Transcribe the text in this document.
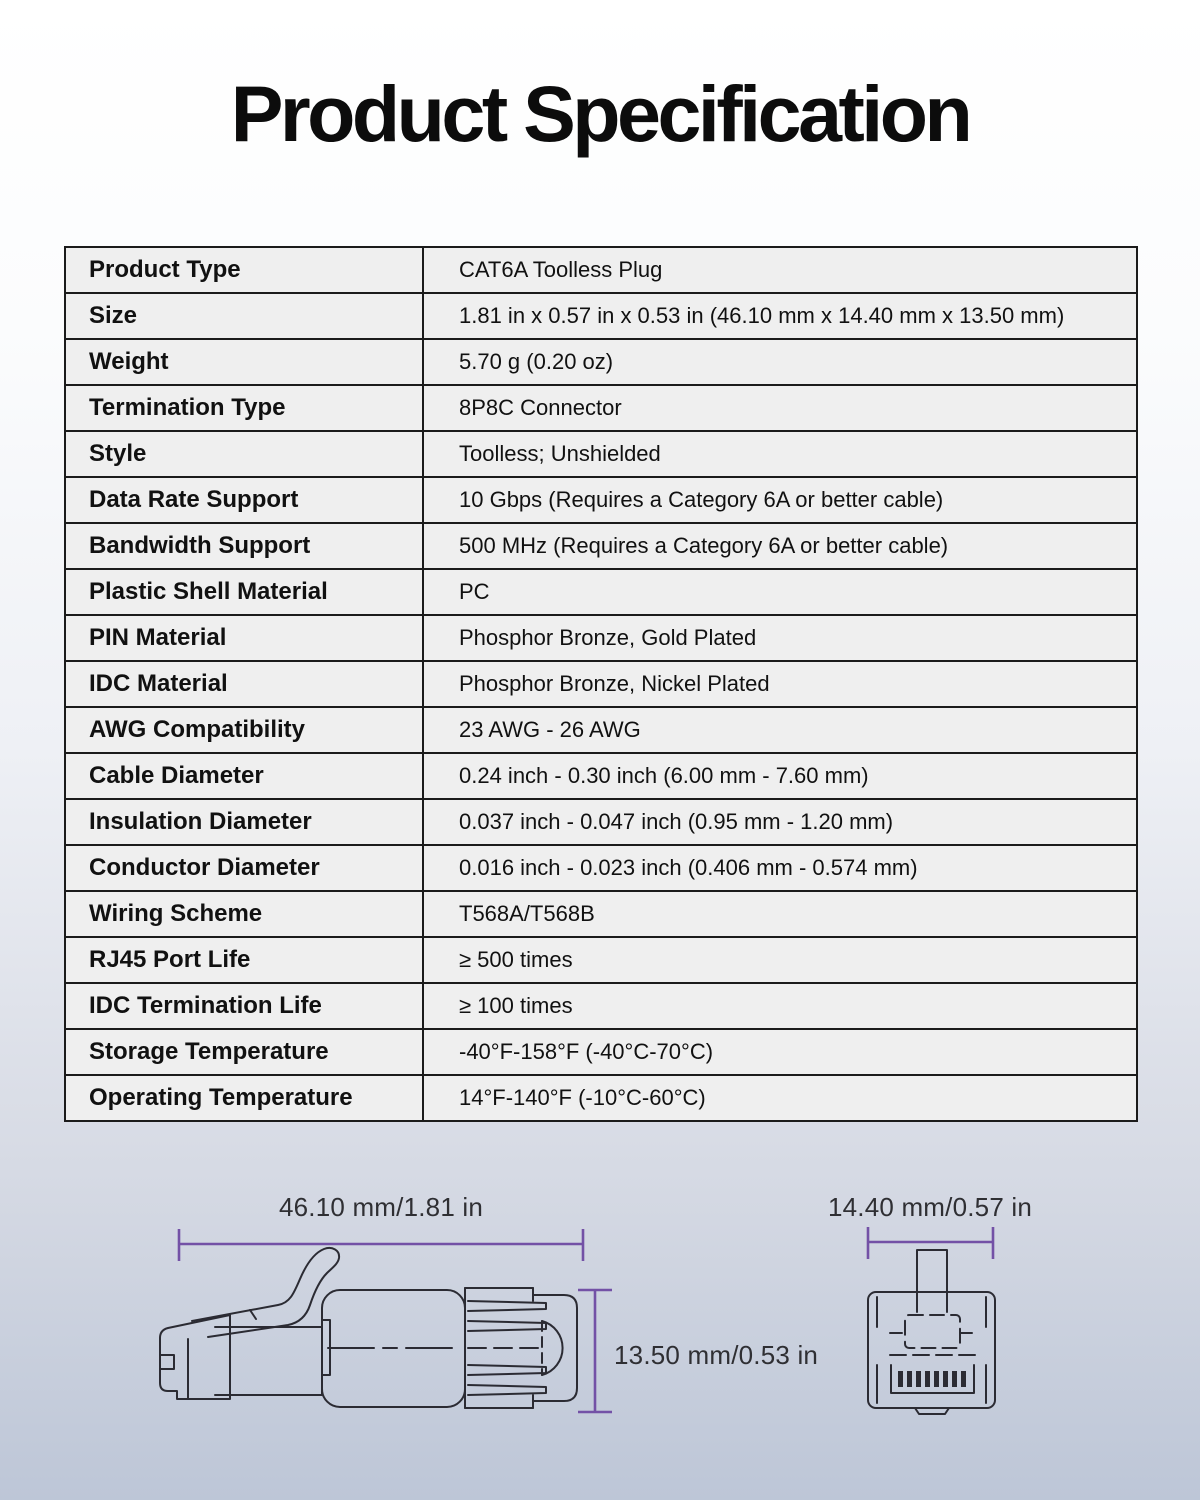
Product Specification
Product Type	CAT6A Toolless Plug
Size	1.81 in x 0.57 in x 0.53 in (46.10 mm x 14.40 mm x 13.50 mm)
Weight	5.70 g (0.20 oz)
Termination Type	8P8C Connector
Style	Toolless; Unshielded
Data Rate Support	10 Gbps (Requires a Category 6A or better cable)
Bandwidth Support	500 MHz (Requires a Category 6A or better cable)
Plastic Shell Material	PC
PIN Material	Phosphor Bronze, Gold Plated
IDC Material	Phosphor Bronze, Nickel Plated
AWG Compatibility	23 AWG - 26 AWG
Cable Diameter	0.24 inch - 0.30 inch (6.00 mm - 7.60 mm)
Insulation Diameter	0.037 inch - 0.047 inch (0.95 mm - 1.20 mm)
Conductor Diameter	0.016 inch - 0.023 inch (0.406 mm - 0.574 mm)
Wiring Scheme	T568A/T568B
RJ45 Port Life	≥ 500 times
IDC Termination Life	≥ 100 times
Storage Temperature	-40°F-158°F (-40°C-70°C)
Operating Temperature	14°F-140°F (-10°C-60°C)
46.10 mm/1.81 in
13.50 mm/0.53 in
14.40 mm/0.57 in
